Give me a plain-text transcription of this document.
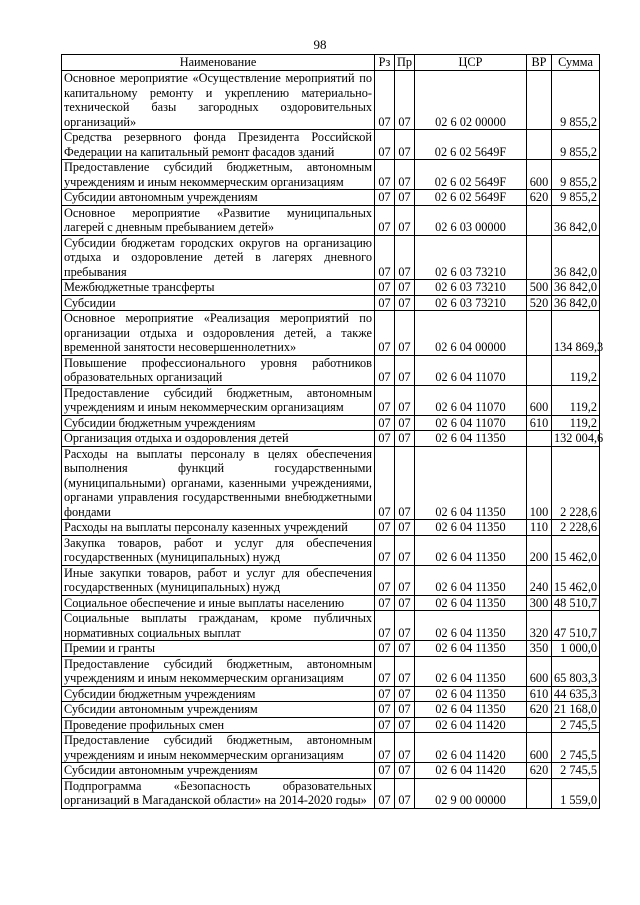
98
Наименование	Рз	Пр	ЦСР	ВР	Сумма
Основное мероприятие «Осуществление мероприятий по капитальному ремонту и укреплению материально-технической базы загородных оздоровительных организаций»	07	07	02 6 02 00000		9 855,2
Средства резервного фонда Президента Российской Федерации на капитальный ремонт фасадов зданий	07	07	02 6 02 5649F		9 855,2
Предоставление субсидий бюджетным, автономным учреждениям и иным некоммерческим организациям	07	07	02 6 02 5649F	600	9 855,2
Субсидии автономным учреждениям	07	07	02 6 02 5649F	620	9 855,2
Основное мероприятие «Развитие муниципальных лагерей с дневным пребыванием детей»	07	07	02 6 03 00000		36 842,0
Субсидии бюджетам городских округов на организацию отдыха и оздоровление детей в лагерях дневного пребывания	07	07	02 6 03 73210		36 842,0
Межбюджетные трансферты	07	07	02 6 03 73210	500	36 842,0
Субсидии	07	07	02 6 03 73210	520	36 842,0
Основное мероприятие «Реализация мероприятий по организации отдыха и оздоровления детей, а также временной занятости несовершеннолетних»	07	07	02 6 04 00000		134 869,3
Повышение профессионального уровня работников образовательных организаций	07	07	02 6 04 11070		119,2
Предоставление субсидий бюджетным, автономным учреждениям и иным некоммерческим организациям	07	07	02 6 04 11070	600	119,2
Субсидии бюджетным учреждениям	07	07	02 6 04 11070	610	119,2
Организация отдыха и оздоровления детей	07	07	02 6 04 11350		132 004,6
Расходы на выплаты персоналу в целях обеспечения выполнения функций государственными (муниципальными) органами, казенными учреждениями, органами управления государственными внебюджетными фондами	07	07	02 6 04 11350	100	2 228,6
Расходы на выплаты персоналу казенных учреждений	07	07	02 6 04 11350	110	2 228,6
Закупка товаров, работ и услуг для обеспечения государственных (муниципальных) нужд	07	07	02 6 04 11350	200	15 462,0
Иные закупки товаров, работ и услуг для обеспечения государственных (муниципальных) нужд	07	07	02 6 04 11350	240	15 462,0
Социальное обеспечение и иные выплаты населению	07	07	02 6 04 11350	300	48 510,7
Социальные выплаты гражданам, кроме публичных нормативных социальных выплат	07	07	02 6 04 11350	320	47 510,7
Премии и гранты	07	07	02 6 04 11350	350	1 000,0
Предоставление субсидий бюджетным, автономным учреждениям и иным некоммерческим организациям	07	07	02 6 04 11350	600	65 803,3
Субсидии бюджетным учреждениям	07	07	02 6 04 11350	610	44 635,3
Субсидии автономным учреждениям	07	07	02 6 04 11350	620	21 168,0
Проведение профильных смен	07	07	02 6 04 11420		2 745,5
Предоставление субсидий бюджетным, автономным учреждениям и иным некоммерческим организациям	07	07	02 6 04 11420	600	2 745,5
Субсидии автономным учреждениям	07	07	02 6 04 11420	620	2 745,5
Подпрограмма «Безопасность образовательных организаций в Магаданской области» на 2014-2020 годы»	07	07	02 9 00 00000		1 559,0
